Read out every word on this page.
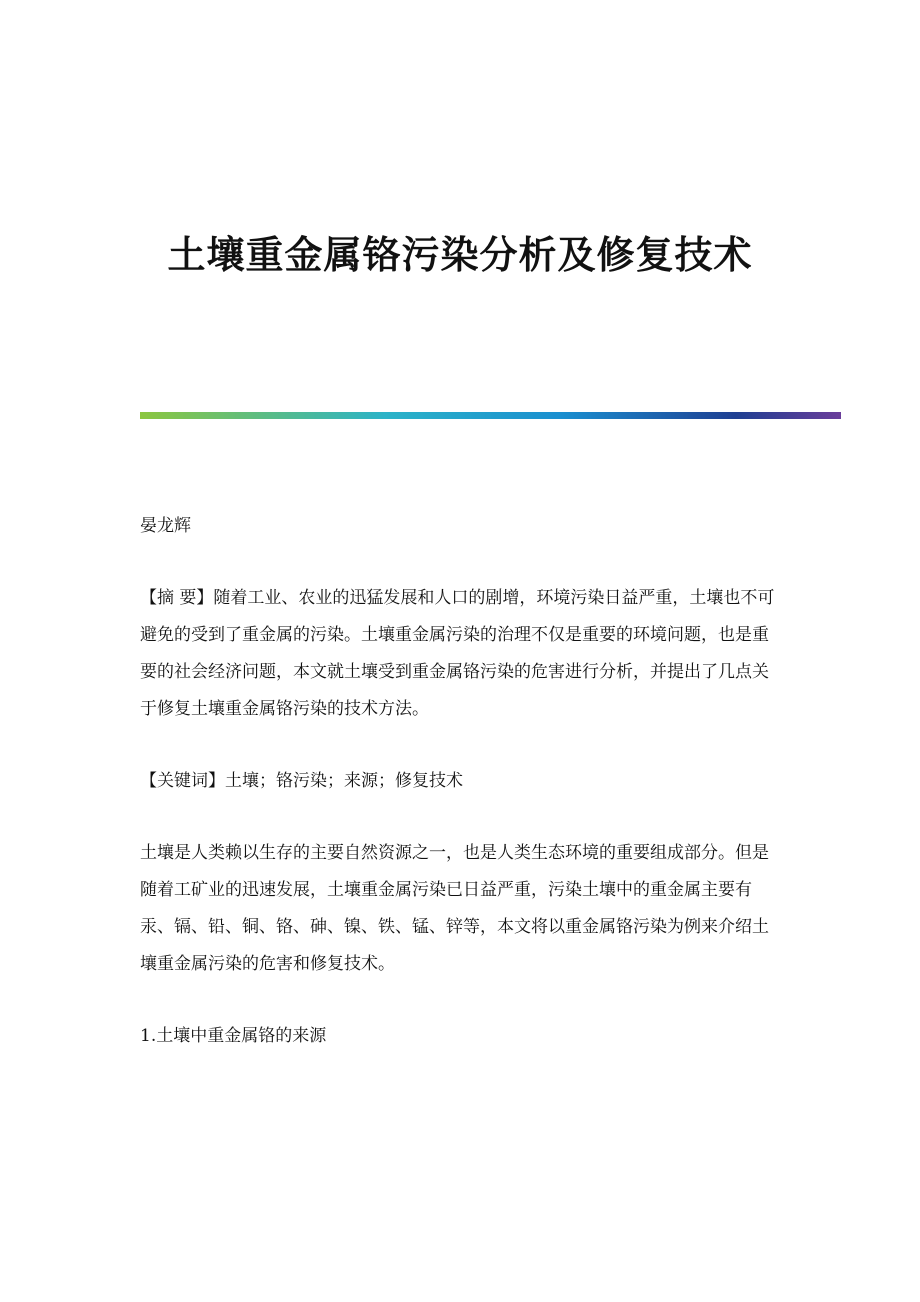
土壤重金属铬污染分析及修复技术

晏龙辉

【摘 要】随着工业、农业的迅猛发展和人口的剧增，环境污染日益严重，土壤也不可避免的受到了重金属的污染。土壤重金属污染的治理不仅是重要的环境问题，也是重要的社会经济问题，本文就土壤受到重金属铬污染的危害进行分析，并提出了几点关于修复土壤重金属铬污染的技术方法。

【关键词】土壤；铬污染；来源；修复技术

土壤是人类赖以生存的主要自然资源之一，也是人类生态环境的重要组成部分。但是随着工矿业的迅速发展，土壤重金属污染已日益严重，污染土壤中的重金属主要有汞、镉、铅、铜、铬、砷、镍、铁、锰、锌等，本文将以重金属铬污染为例来介绍土壤重金属污染的危害和修复技术。

1.土壤中重金属铬的来源
